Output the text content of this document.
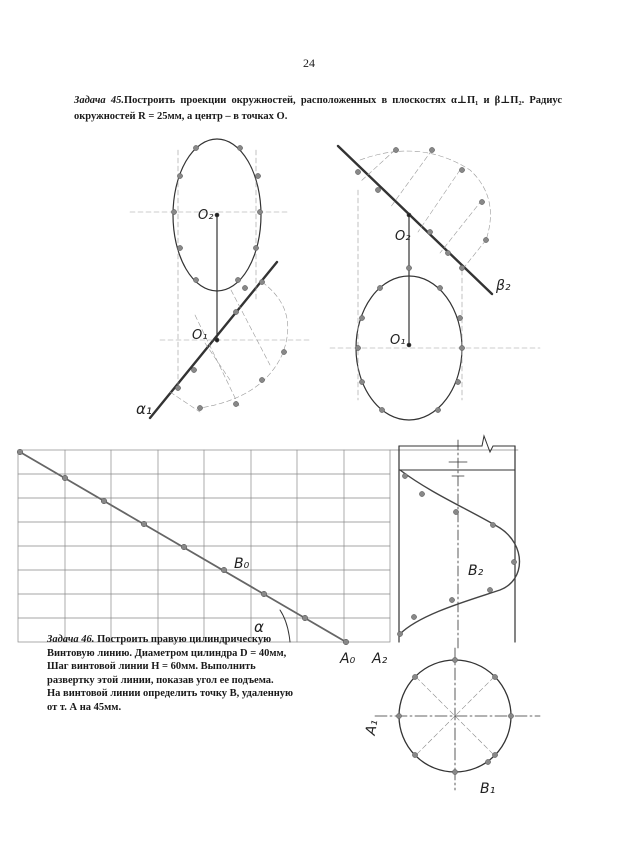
24
Задача 45.Построить проекции окружностей, расположенных в плоскостях α⊥П₁ и β⊥П₂. Радиус окружностей R = 25мм, а центр – в точках О.
O₂
O₁
α₁
O₂
O₁
β₂
B₀
α
A₀ A₂
B₂
A₁
B₁
Задача 46. Построить правую цилиндрическую
Винтовую линию. Диаметром цилиндра D = 40мм,
Шаг винтовой линии H = 60мм. Выполнить
развертку этой линии, показав угол ее подъема.
На винтовой линии определить точку B, удаленную
от т. А на 45мм.
